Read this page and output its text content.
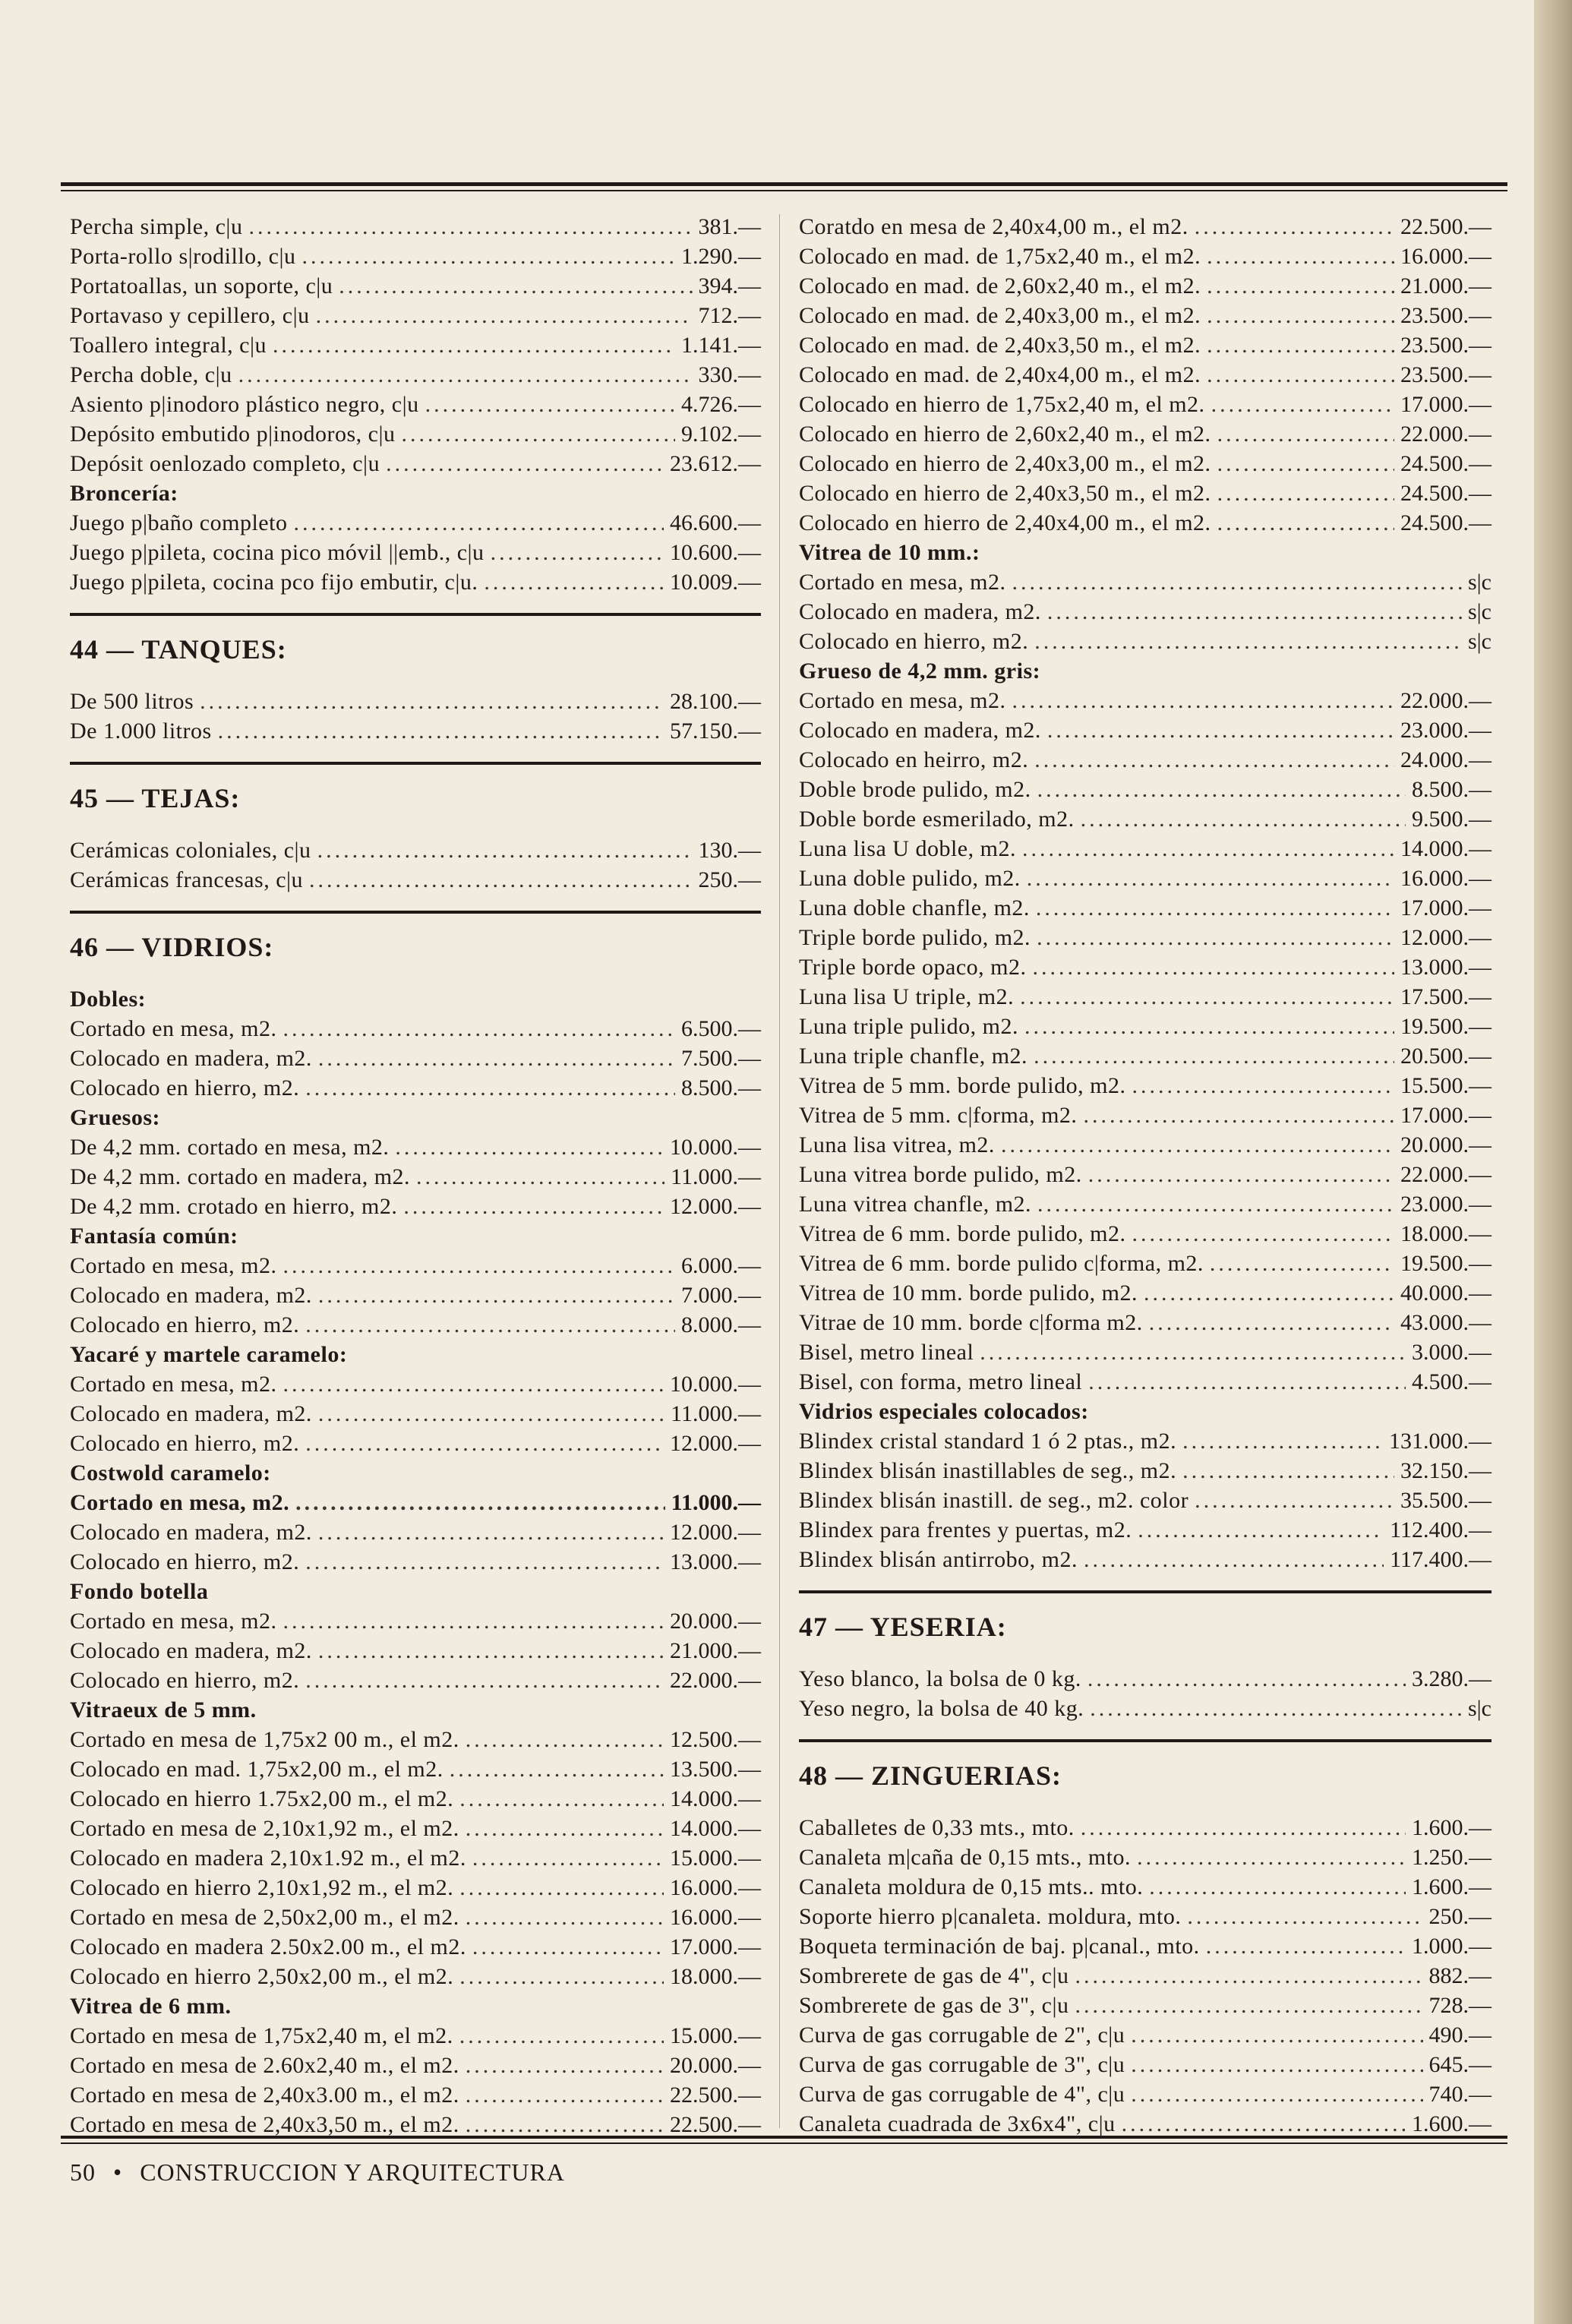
Percha simple, c|u .....	381.—
Porta-rollo s|rodillo, c|u .....	1.290.—
Portatoallas, un soporte, c|u .....	394.—
Portavaso y cepillero, c|u .....	712.—
Toallero integral, c|u .....	1.141.—
Percha doble, c|u .....	330.—
Asiento p|inodoro plástico negro, c|u .....	4.726.—
Depósito embutido p|inodoros, c|u .....	9.102.—
Depósit oenlozado completo, c|u .....	23.612.—
Broncería:
Juego p|baño completo .....	46.600.—
Juego p|pileta, cocina pico móvil ||emb., c|u .....	10.600.—
Juego p|pileta, cocina pco fijo embutir, c|u. .....	10.009.—
44 — TANQUES:
De 500 litros .....	28.100.—
De 1.000 litros .....	57.150.—
45 — TEJAS:
Cerámicas coloniales, c|u .....	130.—
Cerámicas francesas, c|u .....	250.—
46 — VIDRIOS:
Dobles:
Cortado en mesa, m2. .....	6.500.—
Colocado en madera, m2. .....	7.500.—
Colocado en hierro, m2. .....	8.500.—
Gruesos:
De 4,2 mm. cortado en mesa, m2. .....	10.000.—
De 4,2 mm. cortado en madera, m2. .....	11.000.—
De 4,2 mm. crotado en hierro, m2. .....	12.000.—
Fantasía común:
Cortado en mesa, m2. .....	6.000.—
Colocado en madera, m2. .....	7.000.—
Colocado en hierro, m2. .....	8.000.—
Yacaré y martele caramelo:
Cortado en mesa, m2. .....	10.000.—
Colocado en madera, m2. .....	11.000.—
Colocado en hierro, m2. .....	12.000.—
Costwold caramelo:
Cortado en mesa, m2. .....	11.000.—
Colocado en madera, m2. .....	12.000.—
Colocado en hierro, m2. .....	13.000.—
Fondo botella
Cortado en mesa, m2. .....	20.000.—
Colocado en madera, m2. .....	21.000.—
Colocado en hierro, m2. .....	22.000.—
Vitraeux de 5 mm.
Cortado en mesa de 1,75x2 00 m., el m2. .....	12.500.—
Colocado en mad. 1,75x2,00 m., el m2. .....	13.500.—
Colocado en hierro 1.75x2,00 m., el m2. .....	14.000.—
Cortado en mesa de 2,10x1,92 m., el m2. .....	14.000.—
Colocado en madera 2,10x1.92 m., el m2. .....	15.000.—
Colocado en hierro 2,10x1,92 m., el m2. .....	16.000.—
Cortado en mesa de 2,50x2,00 m., el m2. .....	16.000.—
Colocado en madera 2.50x2.00 m., el m2. .....	17.000.—
Colocado en hierro 2,50x2,00 m., el m2. .....	18.000.—
Vitrea de 6 mm.
Cortado en mesa de 1,75x2,40 m, el m2. .....	15.000.—
Cortado en mesa de 2.60x2,40 m., el m2. .....	20.000.—
Cortado en mesa de 2,40x3.00 m., el m2. .....	22.500.—
Cortado en mesa de 2,40x3,50 m., el m2. .....	22.500.—
Coratdo en mesa de 2,40x4,00 m., el m2. .....	22.500.—
Colocado en mad. de 1,75x2,40 m., el m2. .....	16.000.—
Colocado en mad. de 2,60x2,40 m., el m2. .....	21.000.—
Colocado en mad. de 2,40x3,00 m., el m2. .....	23.500.—
Colocado en mad. de 2,40x3,50 m., el m2. .....	23.500.—
Colocado en mad. de 2,40x4,00 m., el m2. .....	23.500.—
Colocado en hierro de 1,75x2,40 m, el m2. .....	17.000.—
Colocado en hierro de 2,60x2,40 m., el m2. .....	22.000.—
Colocado en hierro de 2,40x3,00 m., el m2. .....	24.500.—
Colocado en hierro de 2,40x3,50 m., el m2. .....	24.500.—
Colocado en hierro de 2,40x4,00 m., el m2. .....	24.500.—
Vitrea de 10 mm.:
Cortado en mesa, m2. .....	s|c
Colocado en madera, m2. .....	s|c
Colocado en hierro, m2. .....	s|c
Grueso de 4,2 mm. gris:
Cortado en mesa, m2. .....	22.000.—
Colocado en madera, m2. .....	23.000.—
Colocado en heirro, m2. .....	24.000.—
Doble brode pulido, m2. .....	8.500.—
Doble borde esmerilado, m2. .....	9.500.—
Luna lisa U doble, m2. .....	14.000.—
Luna doble pulido, m2. .....	16.000.—
Luna doble chanfle, m2. .....	17.000.—
Triple borde pulido, m2. .....	12.000.—
Triple borde opaco, m2. .....	13.000.—
Luna lisa U triple, m2. .....	17.500.—
Luna triple pulido, m2. .....	19.500.—
Luna triple chanfle, m2. .....	20.500.—
Vitrea de 5 mm. borde pulido, m2. .....	15.500.—
Vitrea de 5 mm. c|forma, m2. .....	17.000.—
Luna lisa vitrea, m2. .....	20.000.—
Luna vitrea borde pulido, m2. .....	22.000.—
Luna vitrea chanfle, m2. .....	23.000.—
Vitrea de 6 mm. borde pulido, m2. .....	18.000.—
Vitrea de 6 mm. borde pulido c|forma, m2. .....	19.500.—
Vitrea de 10 mm. borde pulido, m2. .....	40.000.—
Vitrae de 10 mm. borde c|forma m2. .....	43.000.—
Bisel, metro lineal .....	3.000.—
Bisel, con forma, metro lineal .....	4.500.—
Vidrios especiales colocados:
Blindex cristal standard 1 ó 2 ptas., m2. .....	131.000.—
Blindex blisán inastillables de seg., m2. .....	32.150.—
Blindex blisán inastill. de seg., m2. color .....	35.500.—
Blindex para frentes y puertas, m2. .....	112.400.—
Blindex blisán antirrobo, m2. .....	117.400.—
47 — YESERIA:
Yeso blanco, la bolsa de 0 kg. .....	3.280.—
Yeso negro, la bolsa de 40 kg. .....	s|c
48 — ZINGUERIAS:
Caballetes de 0,33 mts., mto. .....	1.600.—
Canaleta m|caña de 0,15 mts., mto. .....	1.250.—
Canaleta moldura de 0,15 mts.. mto. .....	1.600.—
Soporte hierro p|canaleta. moldura, mto. .....	250.—
Boqueta terminación de baj. p|canal., mto. .....	1.000.—
Sombrerete de gas de 4", c|u .....	882.—
Sombrerete de gas de 3", c|u .....	728.—
Curva de gas corrugable de 2", c|u .....	490.—
Curva de gas corrugable de 3", c|u .....	645.—
Curva de gas corrugable de 4", c|u .....	740.—
Canaleta cuadrada de 3x6x4", c|u .....	1.600.—
50 • CONSTRUCCION Y ARQUITECTURA
